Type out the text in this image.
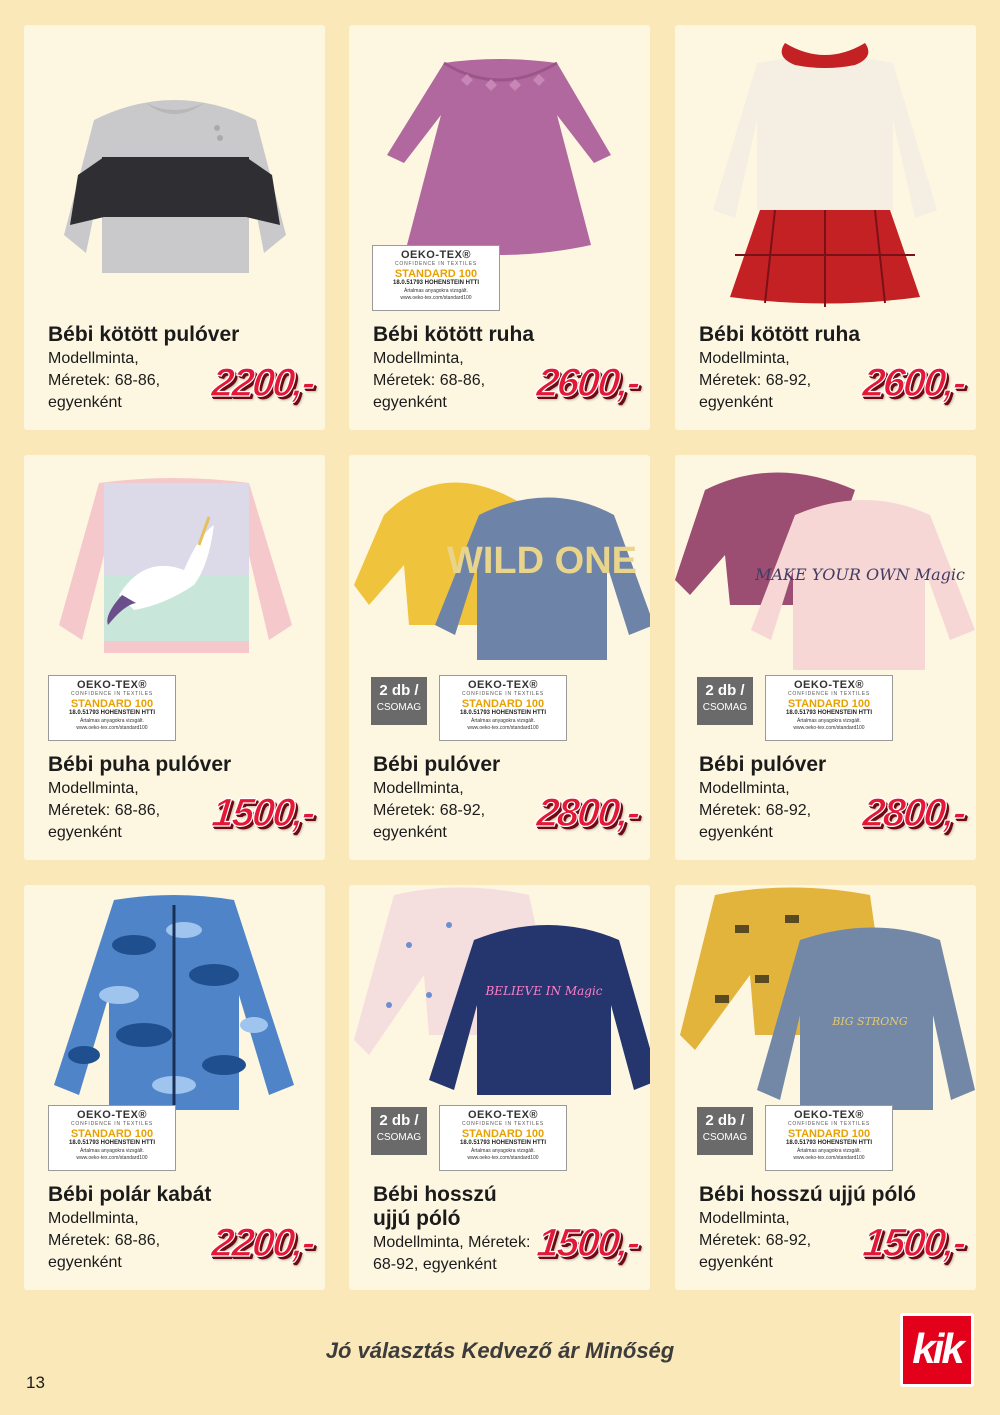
Bébi kötött pulóver
Modellminta,
Méretek: 68-86,
egyenként	2200,-
OEKO-TEX®
CONFIDENCE IN TEXTILES
STANDARD 100
18.0.51793 HOHENSTEIN HTTI
Ártalmas anyagokra vizsgált.
www.oeko-tex.com/standard100
Bébi kötött ruha
Modellminta,
Méretek: 68-86,
egyenként	2600,-
Bébi kötött ruha
Modellminta,
Méretek: 68-92,
egyenként	2600,-
OEKO-TEX®
CONFIDENCE IN TEXTILES
STANDARD 100
18.0.51793 HOHENSTEIN HTTI
Ártalmas anyagokra vizsgált.
www.oeko-tex.com/standard100
Bébi puha pulóver
Modellminta,
Méretek: 68-86,
egyenként	1500,-
WILD ONE
2 db /
CSOMAG
OEKO-TEX®
CONFIDENCE IN TEXTILES
STANDARD 100
18.0.51793 HOHENSTEIN HTTI
Ártalmas anyagokra vizsgált.
www.oeko-tex.com/standard100
Bébi pulóver
Modellminta,
Méretek: 68-92,
egyenként	2800,-
MAKE YOUR OWN Magic
2 db /
CSOMAG
OEKO-TEX®
CONFIDENCE IN TEXTILES
STANDARD 100
18.0.51793 HOHENSTEIN HTTI
Ártalmas anyagokra vizsgált.
www.oeko-tex.com/standard100
Bébi pulóver
Modellminta,
Méretek: 68-92,
egyenként	2800,-
OEKO-TEX®
CONFIDENCE IN TEXTILES
STANDARD 100
18.0.51793 HOHENSTEIN HTTI
Ártalmas anyagokra vizsgált.
www.oeko-tex.com/standard100
Bébi polár kabát
Modellminta,
Méretek: 68-86,
egyenként	2200,-
BELIEVE IN Magic
2 db /
CSOMAG
OEKO-TEX®
CONFIDENCE IN TEXTILES
STANDARD 100
18.0.51793 HOHENSTEIN HTTI
Ártalmas anyagokra vizsgált.
www.oeko-tex.com/standard100
Bébi hosszú ujjú póló
Modellminta, Méretek:
68-92, egyenként 1500,-
BIG STRONG
2 db /
CSOMAG
OEKO-TEX®
CONFIDENCE IN TEXTILES
STANDARD 100
18.0.51793 HOHENSTEIN HTTI
Ártalmas anyagokra vizsgált.
www.oeko-tex.com/standard100
Bébi hosszú ujjú póló
Modellminta,
Méretek: 68-92,
egyenként	1500,-
Jó választás Kedvező ár Minőség	kik
13
